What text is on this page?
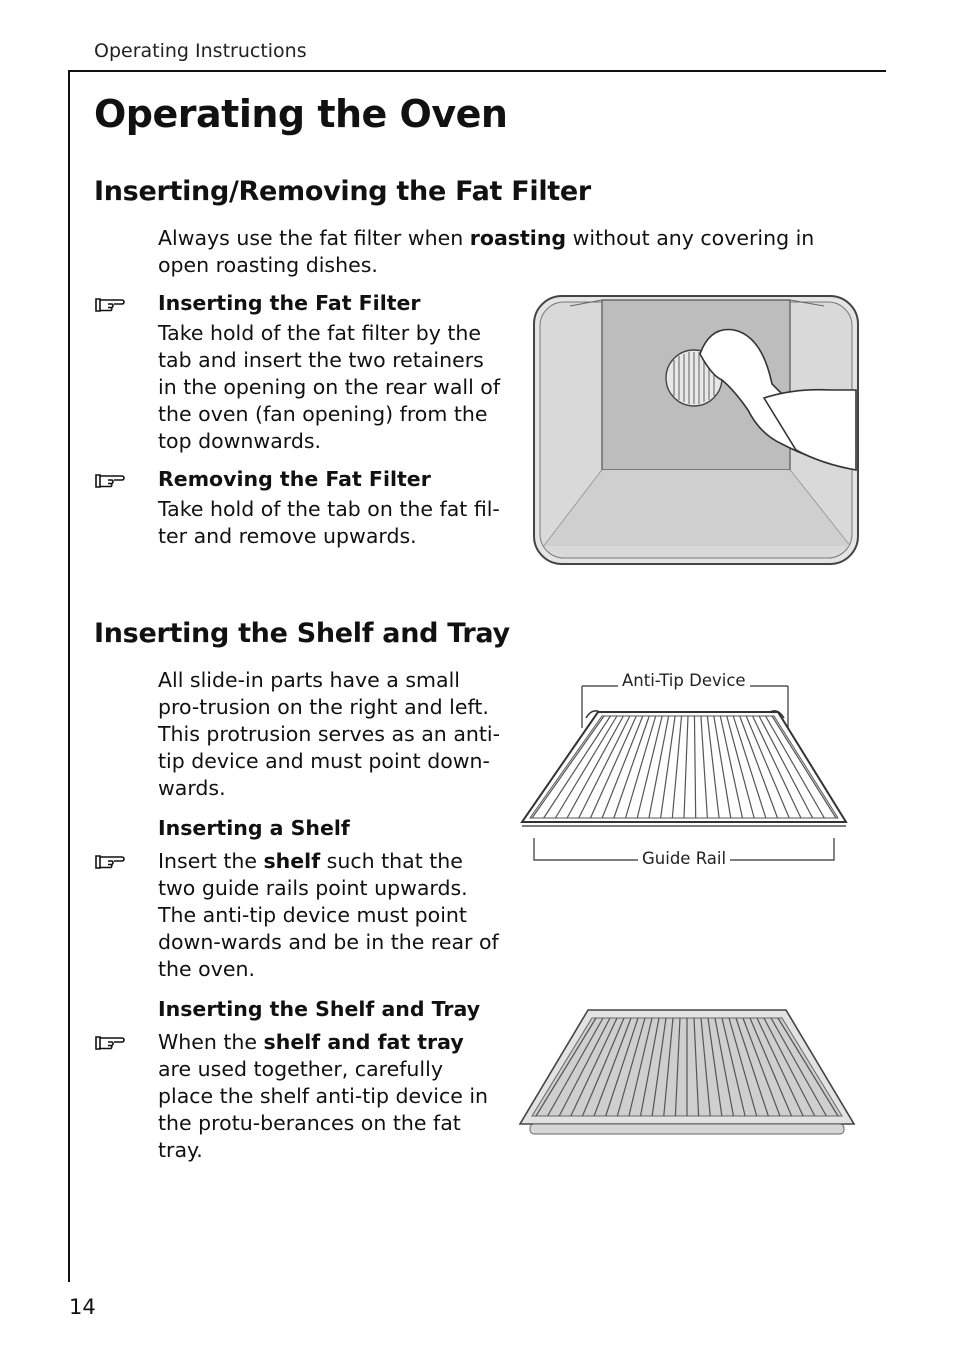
Operating Instructions
14
Operating the Oven
Inserting/Removing the Fat Filter
Always use the fat filter when roasting without any covering in open roasting dishes.
Inserting the Fat Filter
Take hold of the fat filter by the tab and insert the two retainers in the opening on the rear wall of the oven (fan opening) from the top downwards.
Removing the Fat Filter
Take hold of the tab on the fat fil-ter and remove upwards.
Inserting the Shelf and Tray
All slide-in parts have a small pro-trusion on the right and left. This protrusion serves as an anti-tip device and must point down-wards.
Inserting a Shelf
Insert the shelf such that the two guide rails point upwards. The anti-tip device must point down-wards and be in the rear of the oven.
Inserting the Shelf and Tray
When the shelf and fat tray are used together, carefully place the shelf anti-tip device in the protu-berances on the fat tray.
Anti-Tip Device
Guide Rail
